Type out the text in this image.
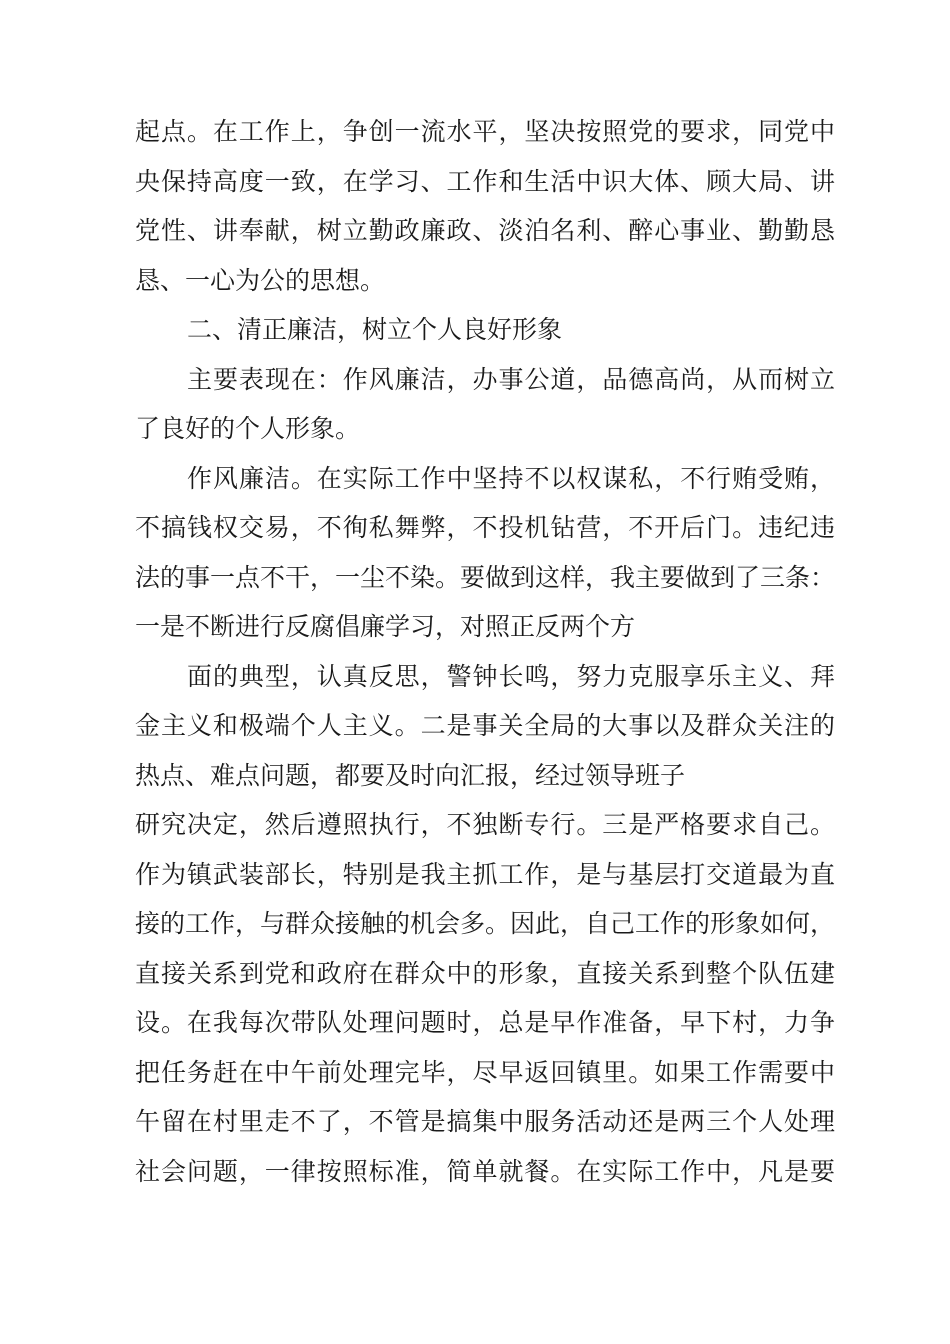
起点。在工作上，争创一流水平，坚决按照党的要求，同党中
央保持高度一致，在学习、工作和生活中识大体、顾大局、讲
党性、讲奉献，树立勤政廉政、淡泊名利、醉心事业、勤勤恳
恳、一心为公的思想。
二、清正廉洁，树立个人良好形象
主要表现在：作风廉洁，办事公道，品德高尚，从而树立
了良好的个人形象。
作风廉洁。在实际工作中坚持不以权谋私，不行贿受贿，
不搞钱权交易，不徇私舞弊，不投机钻营，不开后门。违纪违
法的事一点不干，一尘不染。要做到这样，我主要做到了三条：
一是不断进行反腐倡廉学习，对照正反两个方
面的典型，认真反思，警钟长鸣，努力克服享乐主义、拜
金主义和极端个人主义。二是事关全局的大事以及群众关注的
热点、难点问题，都要及时向汇报，经过领导班子
研究决定，然后遵照执行，不独断专行。三是严格要求自己。
作为镇武装部长，特别是我主抓工作，是与基层打交道最为直
接的工作，与群众接触的机会多。因此，自己工作的形象如何，
直接关系到党和政府在群众中的形象，直接关系到整个队伍建
设。在我每次带队处理问题时，总是早作准备，早下村，力争
把任务赶在中午前处理完毕，尽早返回镇里。如果工作需要中
午留在村里走不了，不管是搞集中服务活动还是两三个人处理
社会问题，一律按照标准，简单就餐。在实际工作中，凡是要
